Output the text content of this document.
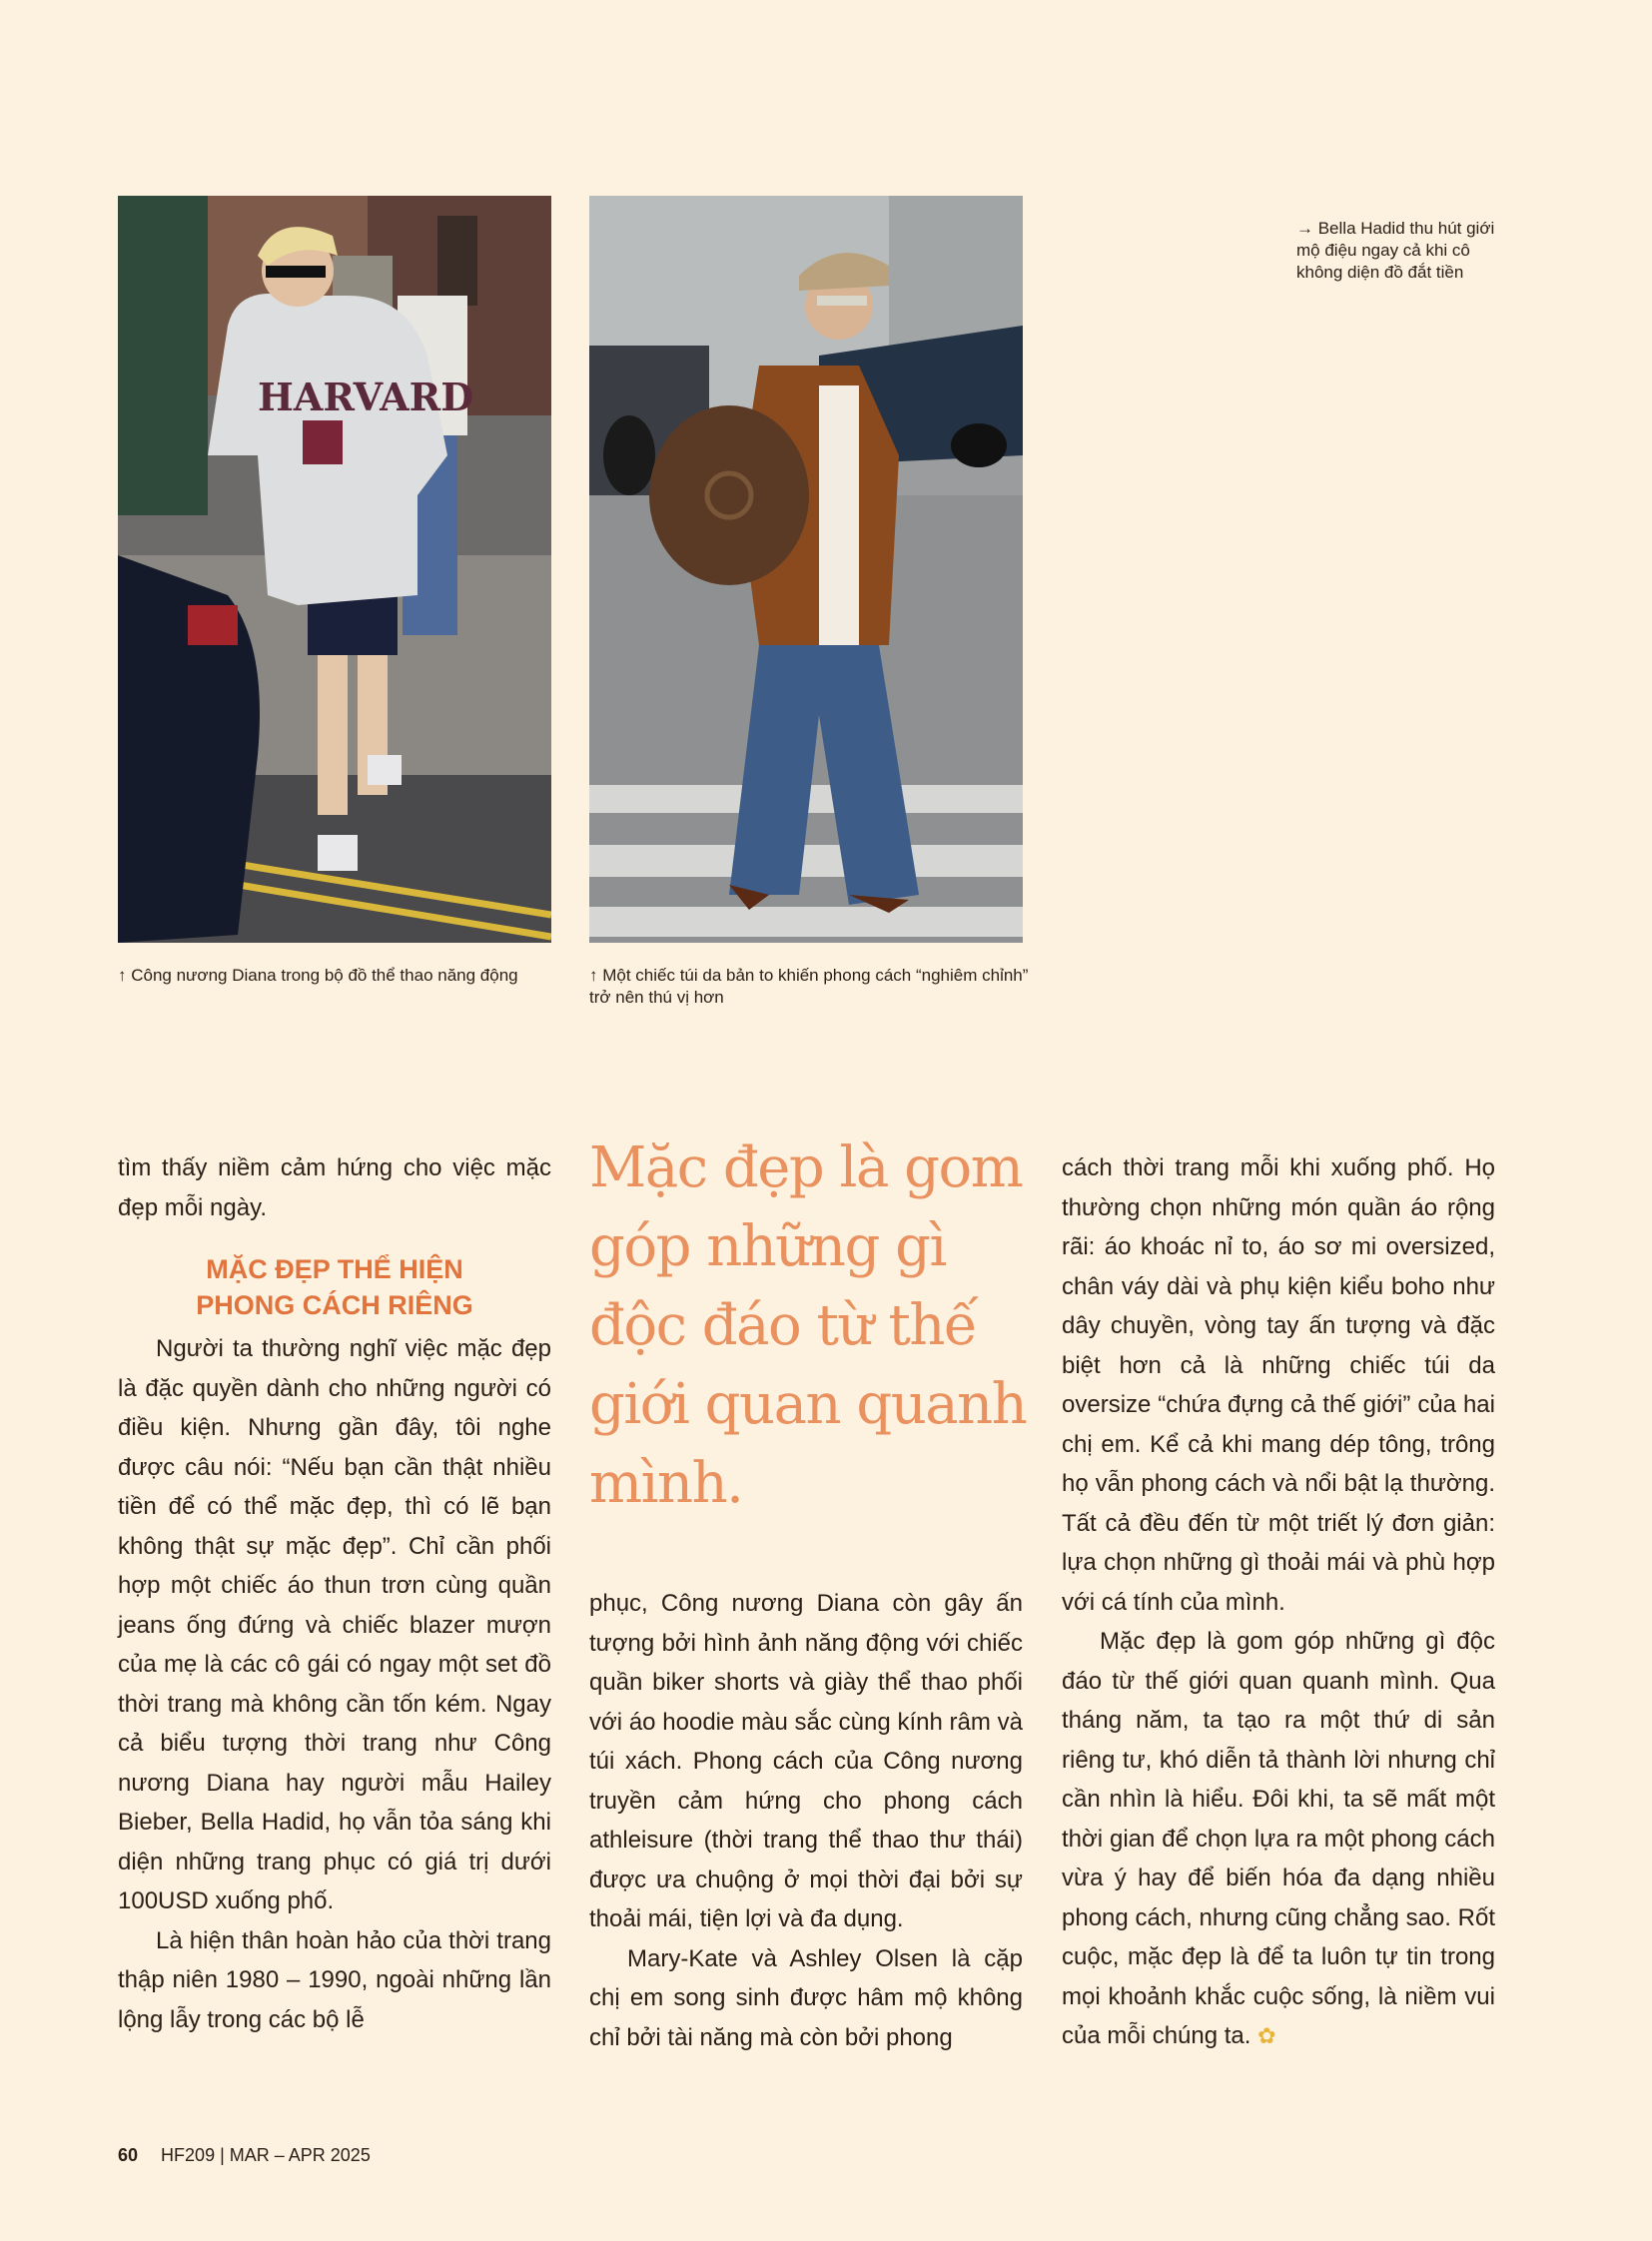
HARVARD
↑ Công nương Diana trong bộ đồ thể thao năng động	↑ Một chiếc túi da bản to khiến phong cách “nghiêm chỉnh” trở nên thú vị hơn
→ Bella Hadid thu hút giới mộ điệu ngay cả khi cô không diện đồ đắt tiền

tìm thấy niềm cảm hứng cho việc mặc đẹp mỗi ngày.

MẶC ĐẸP THỂ HIỆN
PHONG CÁCH RIÊNG

Người ta thường nghĩ việc mặc đẹp là đặc quyền dành cho những người có điều kiện. Nhưng gần đây, tôi nghe được câu nói: “Nếu bạn cần thật nhiều tiền để có thể mặc đẹp, thì có lẽ bạn không thật sự mặc đẹp”. Chỉ cần phối hợp một chiếc áo thun trơn cùng quần jeans ống đứng và chiếc blazer mượn của mẹ là các cô gái có ngay một set đồ thời trang mà không cần tốn kém. Ngay cả biểu tượng thời trang như Công nương Diana hay người mẫu Hailey Bieber, Bella Hadid, họ vẫn tỏa sáng khi diện những trang phục có giá trị dưới 100USD xuống phố.

Là hiện thân hoàn hảo của thời trang thập niên 1980 – 1990, ngoài những lần lộng lẫy trong các bộ lễ

Mặc đẹp là gom góp những gì độc đáo từ thế giới quan quanh mình.

phục, Công nương Diana còn gây ấn tượng bởi hình ảnh năng động với chiếc quần biker shorts và giày thể thao phối với áo hoodie màu sắc cùng kính râm và túi xách. Phong cách của Công nương truyền cảm hứng cho phong cách athleisure (thời trang thể thao thư thái) được ưa chuộng ở mọi thời đại bởi sự thoải mái, tiện lợi và đa dụng.

Mary-Kate và Ashley Olsen là cặp chị em song sinh được hâm mộ không chỉ bởi tài năng mà còn bởi phong

cách thời trang mỗi khi xuống phố. Họ thường chọn những món quần áo rộng rãi: áo khoác nỉ to, áo sơ mi oversized, chân váy dài và phụ kiện kiểu boho như dây chuyền, vòng tay ấn tượng và đặc biệt hơn cả là những chiếc túi da oversize “chứa đựng cả thế giới” của hai chị em. Kể cả khi mang dép tông, trông họ vẫn phong cách và nổi bật lạ thường. Tất cả đều đến từ một triết lý đơn giản: lựa chọn những gì thoải mái và phù hợp với cá tính của mình.

Mặc đẹp là gom góp những gì độc đáo từ thế giới quan quanh mình. Qua tháng năm, ta tạo ra một thứ di sản riêng tư, khó diễn tả thành lời nhưng chỉ cần nhìn là hiểu. Đôi khi, ta sẽ mất một thời gian để chọn lựa ra một phong cách vừa ý hay để biến hóa đa dạng nhiều phong cách, nhưng cũng chẳng sao. Rốt cuộc, mặc đẹp là để ta luôn tự tin trong mọi khoảnh khắc cuộc sống, là niềm vui của mỗi chúng ta. ✿

60 HF209 | MAR – APR 2025
